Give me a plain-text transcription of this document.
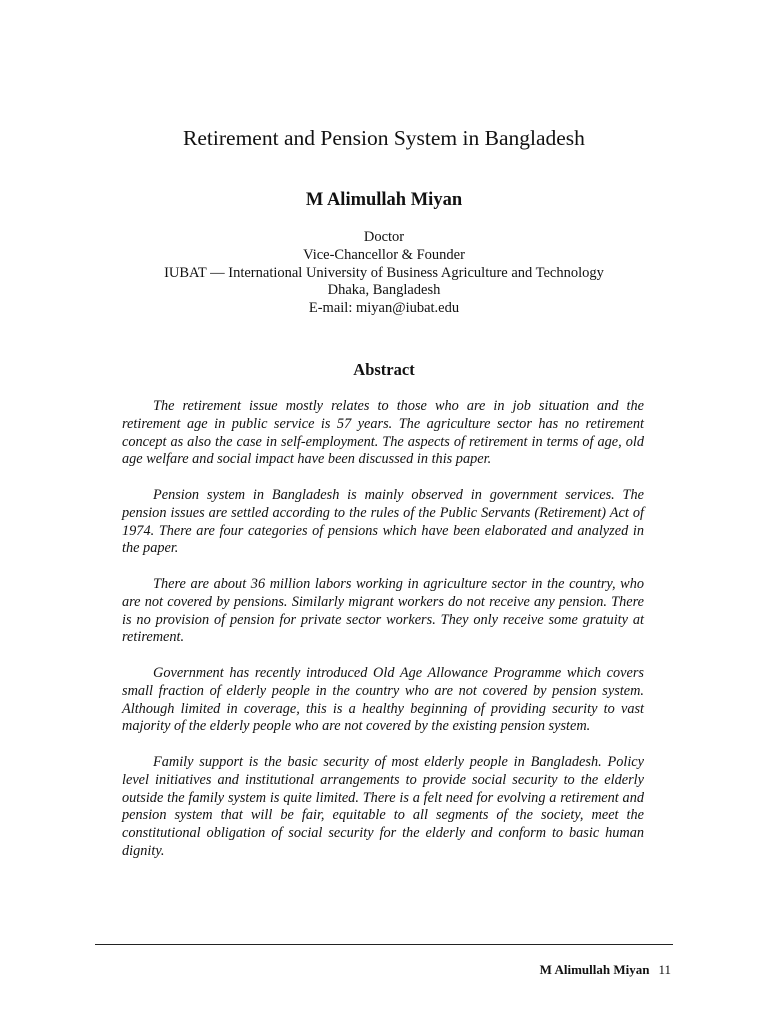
Retirement and Pension System in Bangladesh
M Alimullah Miyan
Doctor
Vice-Chancellor & Founder
IUBAT — International University of Business Agriculture and Technology
Dhaka, Bangladesh
E-mail: miyan@iubat.edu
Abstract

The retirement issue mostly relates to those who are in job situation and the retirement age in public service is 57 years. The agriculture sector has no retirement concept as also the case in self-employment. The aspects of retirement in terms of age, old age welfare and social impact have been discussed in this paper.

Pension system in Bangladesh is mainly observed in government services. The pension issues are settled according to the rules of the Public Servants (Retirement) Act of 1974. There are four categories of pensions which have been elaborated and analyzed in the paper.

There are about 36 million labors working in agriculture sector in the country, who are not covered by pensions. Similarly migrant workers do not receive any pension. There is no provision of pension for private sector workers. They only receive some gratuity at retirement.

Government has recently introduced Old Age Allowance Programme which covers small fraction of elderly people in the country who are not covered by pension system. Although limited in coverage, this is a healthy beginning of providing security to vast majority of the elderly people who are not covered by the existing pension system.

Family support is the basic security of most elderly people in Bangladesh. Policy level initiatives and institutional arrangements to provide social security to the elderly outside the family system is quite limited. There is a felt need for evolving a retirement and pension system that will be fair, equitable to all segments of the society, meet the constitutional obligation of social security for the elderly and conform to basic human dignity.

M Alimullah Miyan 11
